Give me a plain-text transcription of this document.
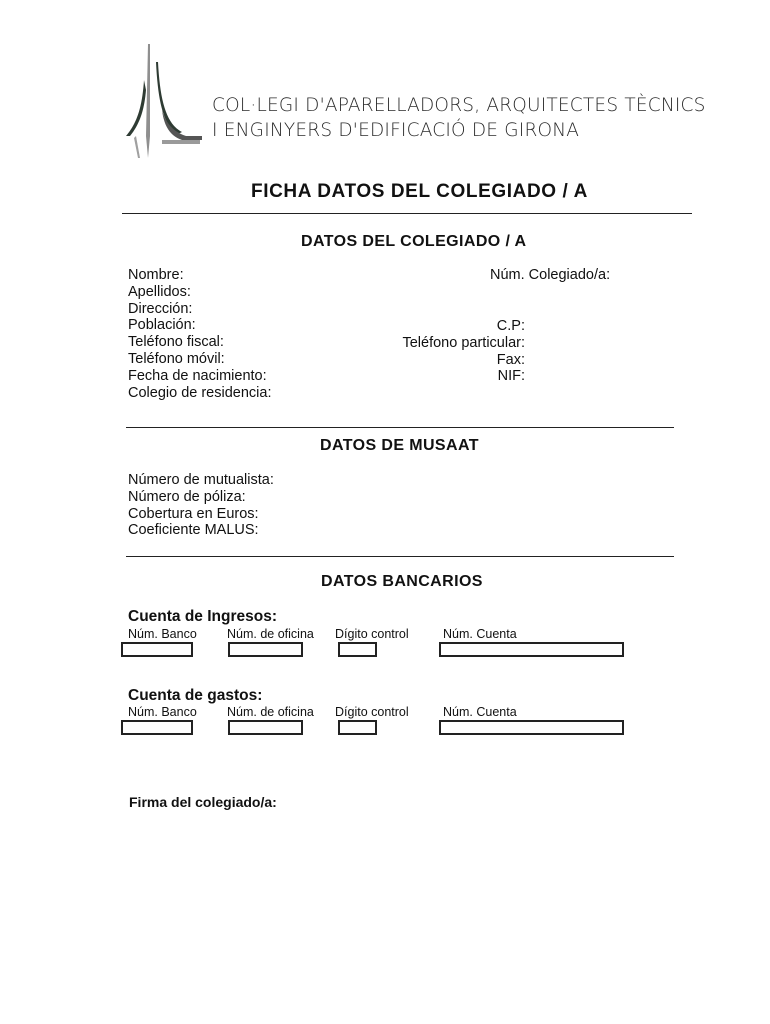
COL·LEGI D'APARELLADORS, ARQUITECTES TÈCNICS
I ENGINYERS D'EDIFICACIÓ DE GIRONA
FICHA DATOS DEL COLEGIADO / A
DATOS DEL COLEGIADO / A
Nombre:
Apellidos:
Dirección:
Población:
Teléfono fiscal:
Teléfono móvil:
Fecha de nacimiento:
Colegio de residencia:
Núm. Colegiado/a:
C.P:
Teléfono particular:
Fax:
NIF:
DATOS DE MUSAAT
Número de mutualista:
Número de póliza:
Cobertura en Euros:
Coeficiente MALUS:
DATOS BANCARIOS
Cuenta de Ingresos:
Núm. Banco Núm. de oficina Dígito control	Núm. Cuenta
Cuenta de gastos:
Núm. Banco Núm. de oficina Dígito control	Núm. Cuenta
Firma del colegiado/a:
